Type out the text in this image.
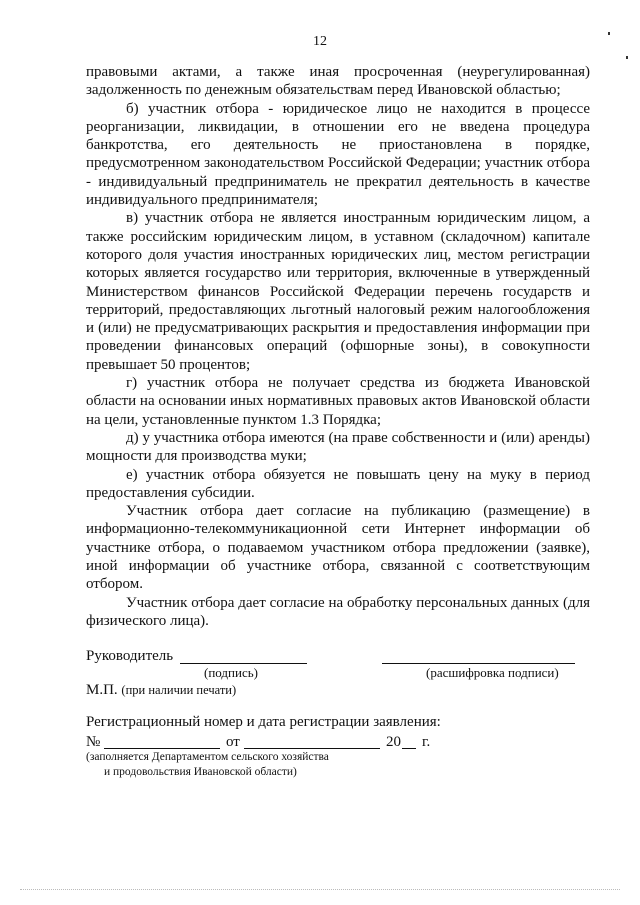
12

правовыми актами, а также иная просроченная (неурегулированная) задолженность по денежным обязательствам перед Ивановской областью;

б) участник отбора - юридическое лицо не находится в процессе реорганизации, ликвидации, в отношении его не введена процедура банкротства, его деятельность не приостановлена в порядке, предусмотренном законодательством Российской Федерации; участник отбора - индивидуальный предприниматель не прекратил деятельность в качестве индивидуального предпринимателя;

в) участник отбора не является иностранным юридическим лицом, а также российским юридическим лицом, в уставном (складочном) капитале которого доля участия иностранных юридических лиц, местом регистрации которых является государство или территория, включенные в утвержденный Министерством финансов Российской Федерации перечень государств и территорий, предоставляющих льготный налоговый режим налогообложения и (или) не предусматривающих раскрытия и предоставления информации при проведении финансовых операций (офшорные зоны), в совокупности превышает 50 процентов;

г) участник отбора не получает средства из бюджета Ивановской области на основании иных нормативных правовых актов Ивановской области на цели, установленные пунктом 1.3 Порядка;

д) у участника отбора имеются (на праве собственности и (или) аренды) мощности для производства муки;

е) участник отбора обязуется не повышать цену на муку в период предоставления субсидии.

Участник отбора дает согласие на публикацию (размещение) в информационно-телекоммуникационной сети Интернет информации об участнике отбора, о подаваемом участником отбора предложении (заявке), иной информации об участнике отбора, связанной с соответствующим отбором.

Участник отбора дает согласие на обработку персональных данных (для физического лица).

Руководитель
(подпись)	(расшифровка подписи)
М.П. (при наличии печати)
Регистрационный номер и дата регистрации заявления:
№	от	20 г.
(заполняется Департаментом сельского хозяйства
и продовольствия Ивановской области)
